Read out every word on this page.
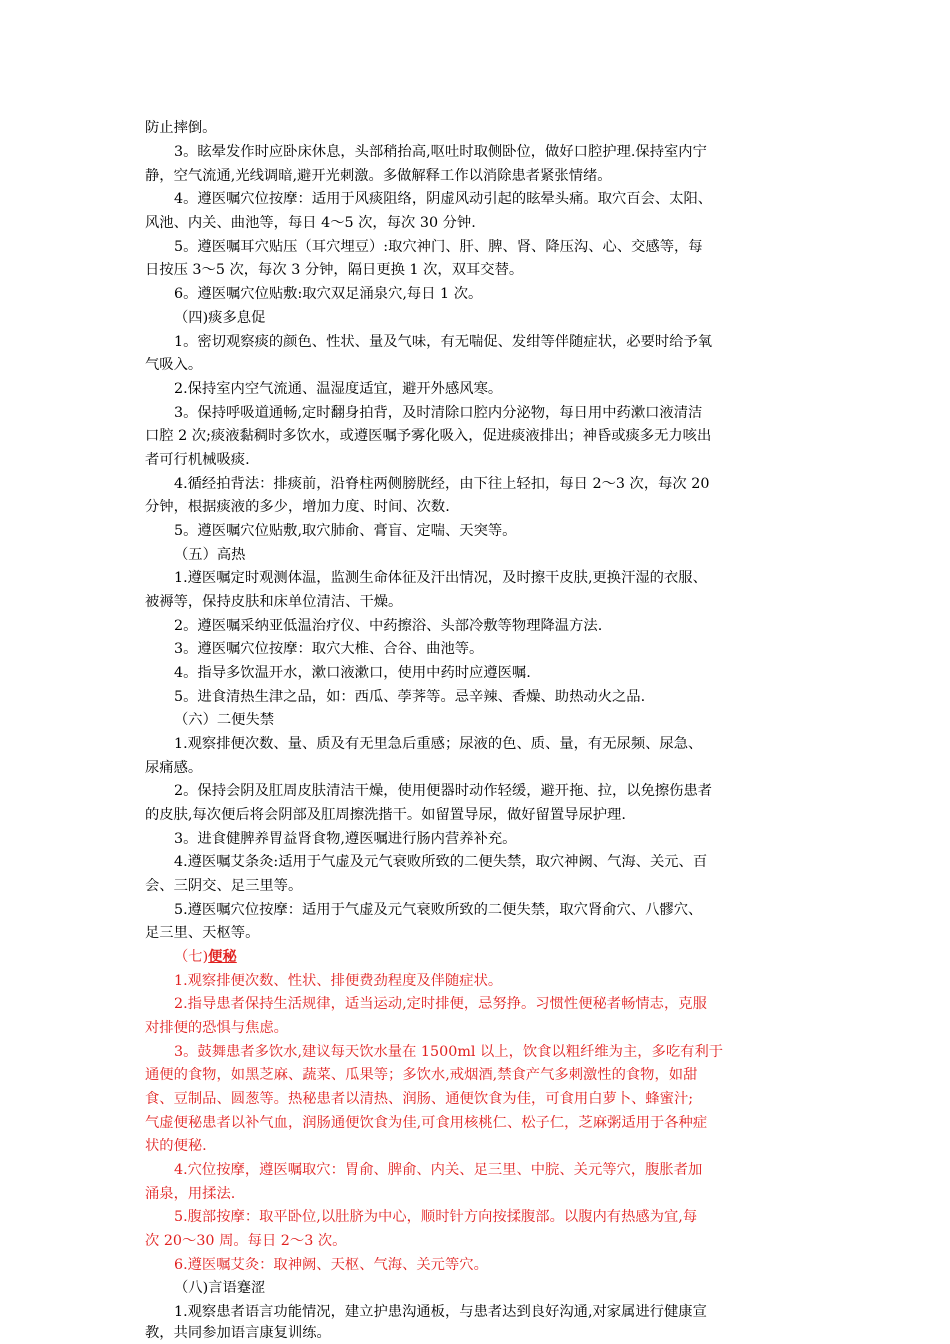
防止摔倒。
3。眩晕发作时应卧床休息，头部稍抬高,呕吐时取侧卧位，做好口腔护理.保持室内宁
静，空气流通,光线调暗,避开光刺激。多做解释工作以消除患者紧张情绪。
4。遵医嘱穴位按摩：适用于风痰阻络，阴虚风动引起的眩晕头痛。取穴百会、太阳、
风池、内关、曲池等，每日 4～5 次，每次 30 分钟.
5。遵医嘱耳穴贴压（耳穴埋豆）:取穴神门、肝、脾、肾、降压沟、心、交感等，每
日按压 3～5 次，每次 3 分钟，隔日更换 1 次，双耳交替。
6。遵医嘱穴位贴敷:取穴双足涌泉穴,每日 1 次。
（四)痰多息促
1。密切观察痰的颜色、性状、量及气味，有无喘促、发绀等伴随症状，必要时给予氧
气吸入。
2.保持室内空气流通、温湿度适宜，避开外感风寒。
3。保持呼吸道通畅,定时翻身拍背，及时清除口腔内分泌物，每日用中药漱口液清洁
口腔 2 次;痰液黏稠时多饮水，或遵医嘱予雾化吸入，促进痰液排出；神昏或痰多无力咳出
者可行机械吸痰.
4.循经拍背法：排痰前，沿脊柱两侧膀胱经，由下往上轻扣，每日 2～3 次，每次 20
分钟，根据痰液的多少，增加力度、时间、次数.
5。遵医嘱穴位贴敷,取穴肺俞、膏盲、定喘、天突等。
（五）高热
1.遵医嘱定时观测体温，监测生命体征及汗出情况，及时擦干皮肤,更换汗湿的衣服、
被褥等，保持皮肤和床单位清洁、干燥。
2。遵医嘱采纳亚低温治疗仪、中药擦浴、头部冷敷等物理降温方法.
3。遵医嘱穴位按摩：取穴大椎、合谷、曲池等。
4。指导多饮温开水，漱口液漱口，使用中药时应遵医嘱.
5。进食清热生津之品，如：西瓜、荸荠等。忌辛辣、香燥、助热动火之品.
（六）二便失禁
1.观察排便次数、量、质及有无里急后重感；尿液的色、质、量，有无尿频、尿急、
尿痛感。
2。保持会阴及肛周皮肤清洁干燥，使用便器时动作轻缓，避开拖、拉，以免擦伤患者
的皮肤,每次便后将会阴部及肛周擦洗揩干。如留置导尿，做好留置导尿护理.
3。进食健脾养胃益肾食物,遵医嘱进行肠内营养补充。
4.遵医嘱艾条灸:适用于气虚及元气衰败所致的二便失禁，取穴神阙、气海、关元、百
会、三阴交、足三里等。
5.遵医嘱穴位按摩：适用于气虚及元气衰败所致的二便失禁，取穴肾俞穴、八髎穴、
足三里、天枢等。
（七)便秘
1.观察排便次数、性状、排便费劲程度及伴随症状。
2.指导患者保持生活规律，适当运动,定时排便，忌努挣。习惯性便秘者畅情志，克服
对排便的恐惧与焦虑。
3。鼓舞患者多饮水,建议每天饮水量在 1500ml 以上，饮食以粗纤维为主，多吃有利于
通便的食物，如黑芝麻、蔬菜、瓜果等；多饮水,戒烟酒,禁食产气多刺激性的食物，如甜
食、豆制品、圆葱等。热秘患者以清热、润肠、通便饮食为佳，可食用白萝卜、蜂蜜汁;
气虚便秘患者以补气血，润肠通便饮食为佳,可食用核桃仁、松子仁，芝麻粥适用于各种症
状的便秘.
4.穴位按摩，遵医嘱取穴：胃俞、脾俞、内关、足三里、中脘、关元等穴，腹胀者加
涌泉，用揉法.
5.腹部按摩：取平卧位,以肚脐为中心，顺时针方向按揉腹部。以腹内有热感为宜,每
次 20～30 周。每日 2～3 次。
6.遵医嘱艾灸：取神阙、天枢、气海、关元等穴。
（八)言语蹇涩
1.观察患者语言功能情况，建立护患沟通板，与患者达到良好沟通,对家属进行健康宣
教，共同参加语言康复训练。
